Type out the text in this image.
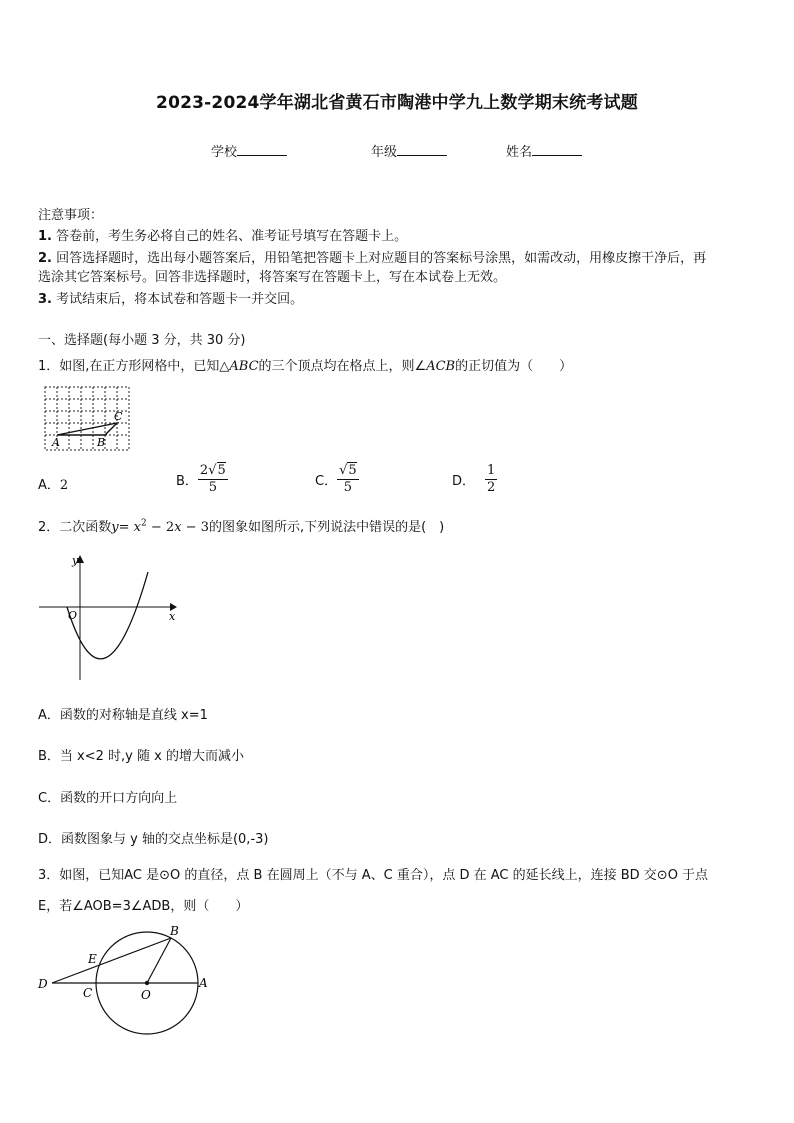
2023-2024学年湖北省黄石市陶港中学九上数学期末统考试题
学校	年级	姓名
注意事项：
1. 答卷前，考生务必将自己的姓名、准考证号填写在答题卡上。
2. 回答选择题时，选出每小题答案后，用铅笔把答题卡上对应题目的答案标号涂黑，如需改动，用橡皮擦干净后，再
选涂其它答案标号。回答非选择题时，将答案写在答题卡上，写在本试卷上无效。
3. 考试结束后，将本试卷和答题卡一并交回。
一、选择题(每小题 3 分，共 30 分)
1．如图,在正方形网格中，已知△ABC的三个顶点均在格点上，则∠ACB的正切值为（　　）
A	B
C
A．2	B． $\frac{2√5}{5}$	C． $\frac{√5}{5}$	D． $\frac{1}{2}$
2．二次函数$y= x^2 - 2x - 3$的图象如图所示,下列说法中错误的是(　)
y
x
O
A．函数的对称轴是直线 x=1
B．当 x<2 时,y 随 x 的增大而减小
C．函数的开口方向向上
D．函数图象与 y 轴的交点坐标是(0,-3)
3．如图，已知AC 是⊙O 的直径，点 B 在圆周上（不与 A、C 重合），点 D 在 AC 的延长线上，连接 BD 交⊙O 于点
E，若∠AOB=3∠ADB，则（　　）
B
E
D
C	O
A
